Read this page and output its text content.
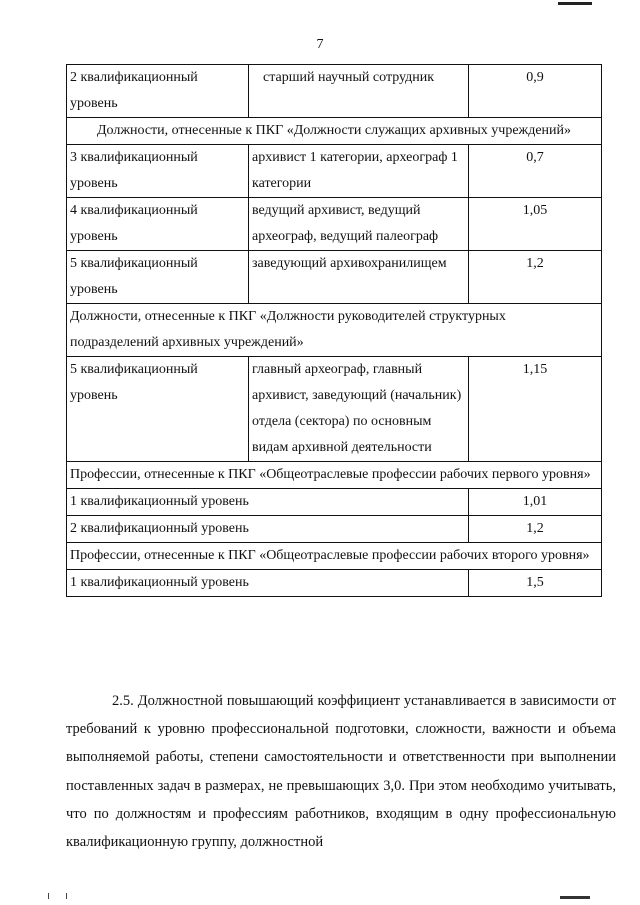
7
2 квалификационный уровень	старший научный сотрудник	0,9
Должности, отнесенные к ПКГ «Должности служащих архивных учреждений»		
3 квалификационный уровень	архивист 1 категории, археограф 1 категории	0,7
4 квалификационный уровень	ведущий архивист, ведущий археограф, ведущий палеограф	1,05
5 квалификационный уровень	заведующий архивохранилищем	1,2
Должности, отнесенные к ПКГ «Должности руководителей структурных подразделений архивных учреждений»		
5 квалификационный уровень	главный археограф, главный архивист, заведующий (начальник) отдела (сектора) по основным видам архивной деятельности	1,15
Профессии, отнесенные к ПКГ «Общеотраслевые профессии рабочих первого уровня»		
1 квалификационный уровень		1,01
2 квалификационный уровень		1,2
Профессии, отнесенные к ПКГ «Общеотраслевые профессии рабочих второго уровня»		
1 квалификационный уровень		1,5

2.5. Должностной повышающий коэффициент устанавливается в зависимости от требований к уровню профессиональной подготовки, сложности, важности и объема выполняемой работы, степени самостоятельности и ответственности при выполнении поставленных задач в размерах, не превышающих 3,0. При этом необходимо учитывать, что по должностям и профессиям работников, входящим в одну профессиональную квалификационную группу, должностной
